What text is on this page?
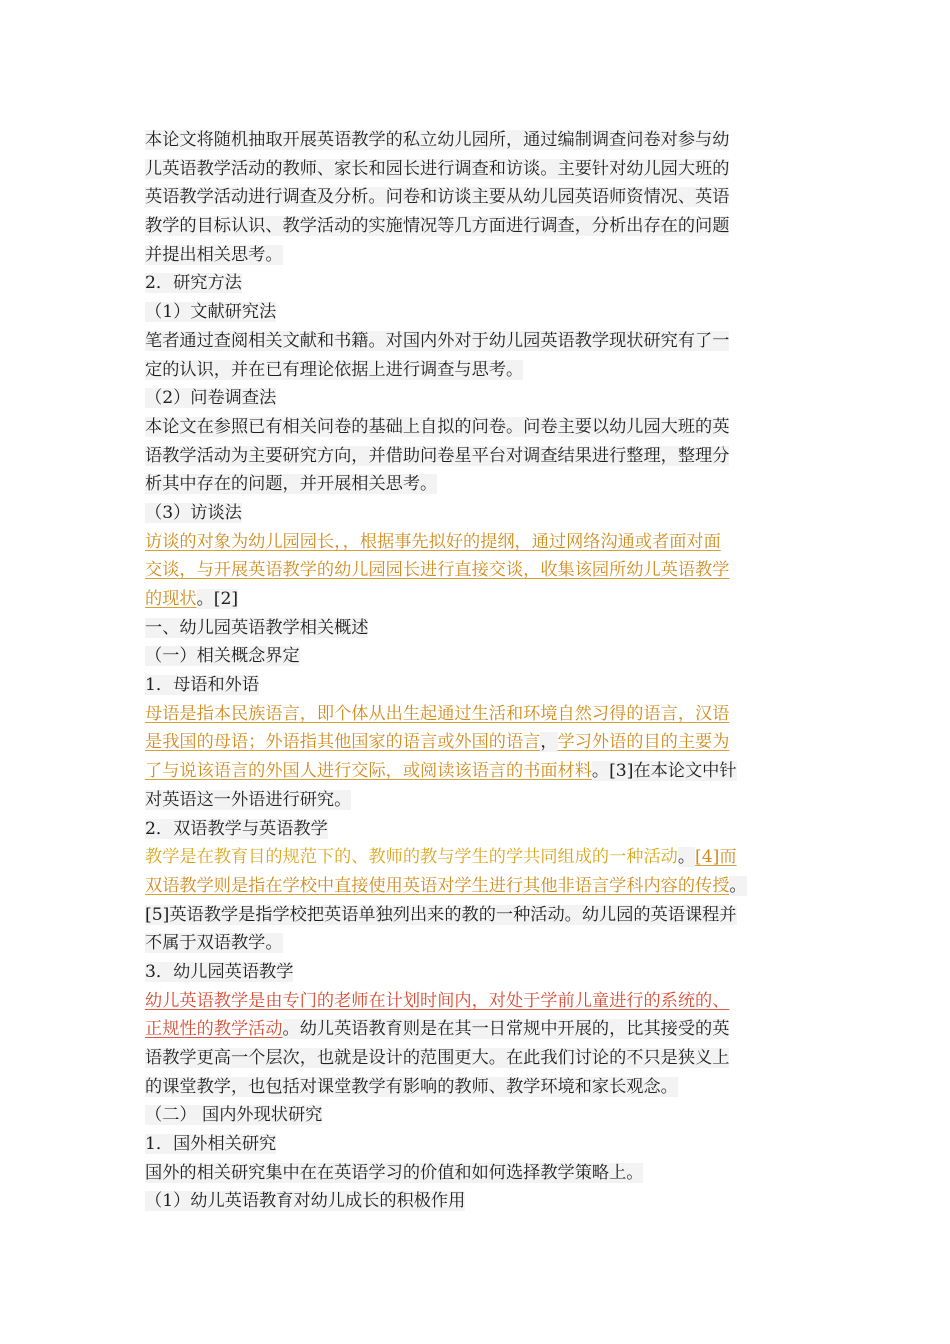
本论文将随机抽取开展英语教学的私立幼儿园所，通过编制调查问卷对参与幼
儿英语教学活动的教师、家长和园长进行调查和访谈。主要针对幼儿园大班的
英语教学活动进行调查及分析。问卷和访谈主要从幼儿园英语师资情况、英语
教学的目标认识、教学活动的实施情况等几方面进行调查，分析出存在的问题
并提出相关思考。
2．研究方法
（1）文献研究法
笔者通过查阅相关文献和书籍。对国内外对于幼儿园英语教学现状研究有了一
定的认识，并在已有理论依据上进行调查与思考。
（2）问卷调查法
本论文在参照已有相关问卷的基础上自拟的问卷。问卷主要以幼儿园大班的英
语教学活动为主要研究方向，并借助问卷星平台对调查结果进行整理，整理分
析其中存在的问题，并开展相关思考。
（3）访谈法
访谈的对象为幼儿园园长，，根据事先拟好的提纲，通过网络沟通或者面对面
交谈，与开展英语教学的幼儿园园长进行直接交谈，收集该园所幼儿英语教学
的现状。[2]
一、幼儿园英语教学相关概述
（一）相关概念界定
1．母语和外语
母语是指本民族语言，即个体从出生起通过生活和环境自然习得的语言，汉语
是我国的母语；外语指其他国家的语言或外国的语言，学习外语的目的主要为
了与说该语言的外国人进行交际，或阅读该语言的书面材料。[3]在本论文中针
对英语这一外语进行研究。
2．双语教学与英语教学
教学是在教育目的规范下的、教师的教与学生的学共同组成的一种活动。[4]而
双语教学则是指在学校中直接使用英语对学生进行其他非语言学科内容的传授。
[5]英语教学是指学校把英语单独列出来的教的一种活动。幼儿园的英语课程并
不属于双语教学。
3．幼儿园英语教学
幼儿英语教学是由专门的老师在计划时间内，对处于学前儿童进行的系统的、
正规性的教学活动。幼儿英语教育则是在其一日常规中开展的，比其接受的英
语教学更高一个层次，也就是设计的范围更大。在此我们讨论的不只是狭义上
的课堂教学，也包括对课堂教学有影响的教师、教学环境和家长观念。
（二） 国内外现状研究
1．国外相关研究
国外的相关研究集中在在英语学习的价值和如何选择教学策略上。
（1）幼儿英语教育对幼儿成长的积极作用
